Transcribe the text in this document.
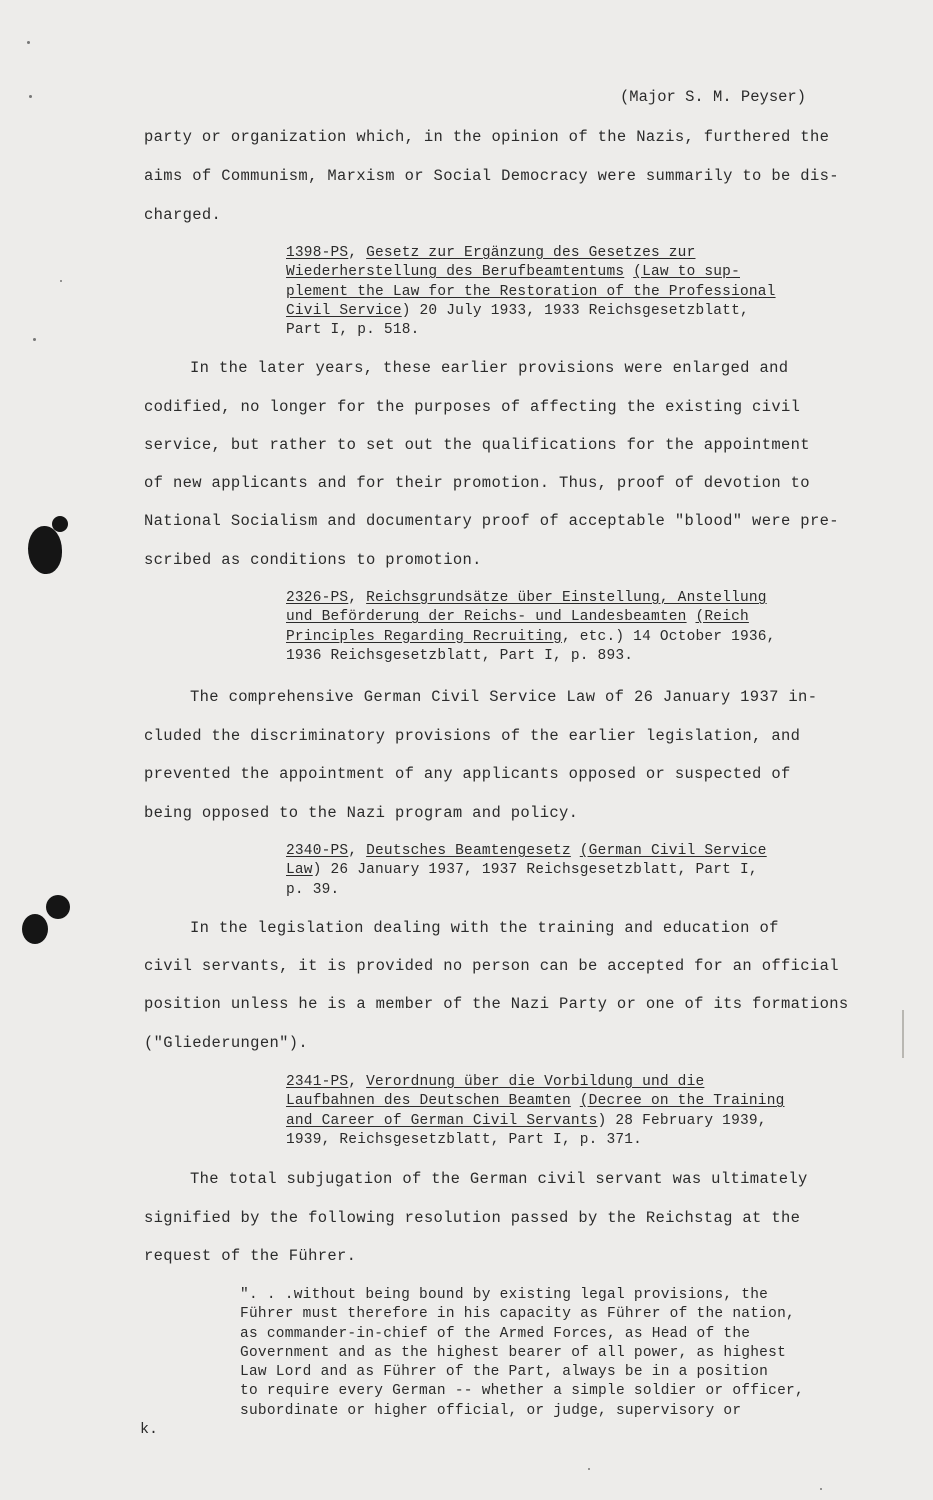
(Major S. M. Peyser)
party or organization which, in the opinion of the Nazis, furthered the
aims of Communism, Marxism or Social Democracy were summarily to be dis-
charged.
1398-PS, Gesetz zur Ergänzung des Gesetzes zur
Wiederherstellung des Berufbeamtentums (Law to sup-
plement the Law for the Restoration of the Professional
Civil Service) 20 July 1933, 1933 Reichsgesetzblatt,
Part I, p. 518.
In the later years, these earlier provisions were enlarged and
codified, no longer for the purposes of affecting the existing civil
service, but rather to set out the qualifications for the appointment
of new applicants and for their promotion. Thus, proof of devotion to
National Socialism and documentary proof of acceptable "blood" were pre-
scribed as conditions to promotion.
2326-PS, Reichsgrundsätze über Einstellung, Anstellung
und Beförderung der Reichs- und Landesbeamten (Reich
Principles Regarding Recruiting, etc.) 14 October 1936,
1936 Reichsgesetzblatt, Part I, p. 893.
The comprehensive German Civil Service Law of 26 January 1937 in-
cluded the discriminatory provisions of the earlier legislation, and
prevented the appointment of any applicants opposed or suspected of
being opposed to the Nazi program and policy.
2340-PS, Deutsches Beamtengesetz (German Civil Service
Law) 26 January 1937, 1937 Reichsgesetzblatt, Part I,
p. 39.
In the legislation dealing with the training and education of
civil servants, it is provided no person can be accepted for an official
position unless he is a member of the Nazi Party or one of its formations
("Gliederungen").
2341-PS, Verordnung über die Vorbildung und die
Laufbahnen des Deutschen Beamten (Decree on the Training
and Career of German Civil Servants) 28 February 1939,
1939, Reichsgesetzblatt, Part I, p. 371.
The total subjugation of the German civil servant was ultimately
signified by the following resolution passed by the Reichstag at the
request of the Führer.
". . .without being bound by existing legal provisions, the
Führer must therefore in his capacity as Führer of the nation,
as commander-in-chief of the Armed Forces, as Head of the
Government and as the highest bearer of all power, as highest
Law Lord and as Führer of the Part, always be in a position
to require every German -- whether a simple soldier or officer,
subordinate or higher official, or judge, supervisory or
k.
